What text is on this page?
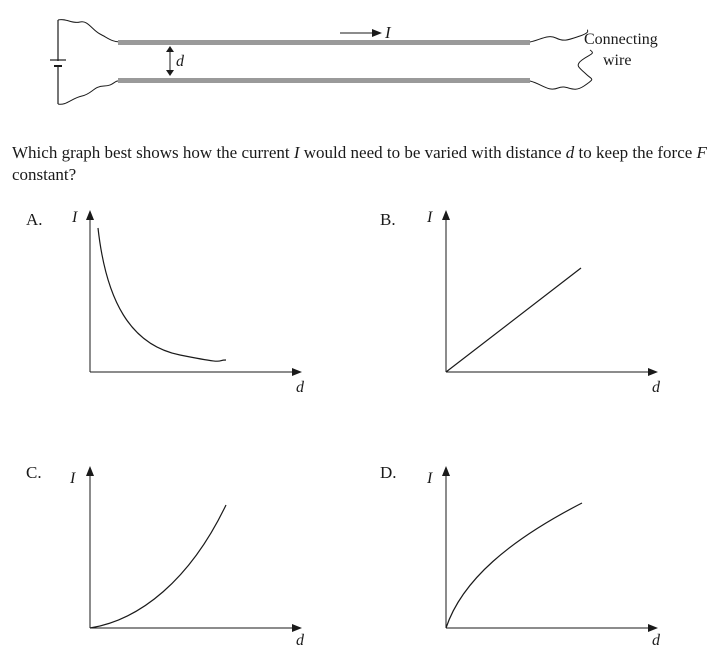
d
I	Connecting
wire
A. I
d
B. I
d
C. I
d
D. I
d

Which graph best shows how the current I would need to be varied with distance d to keep the force F constant?
